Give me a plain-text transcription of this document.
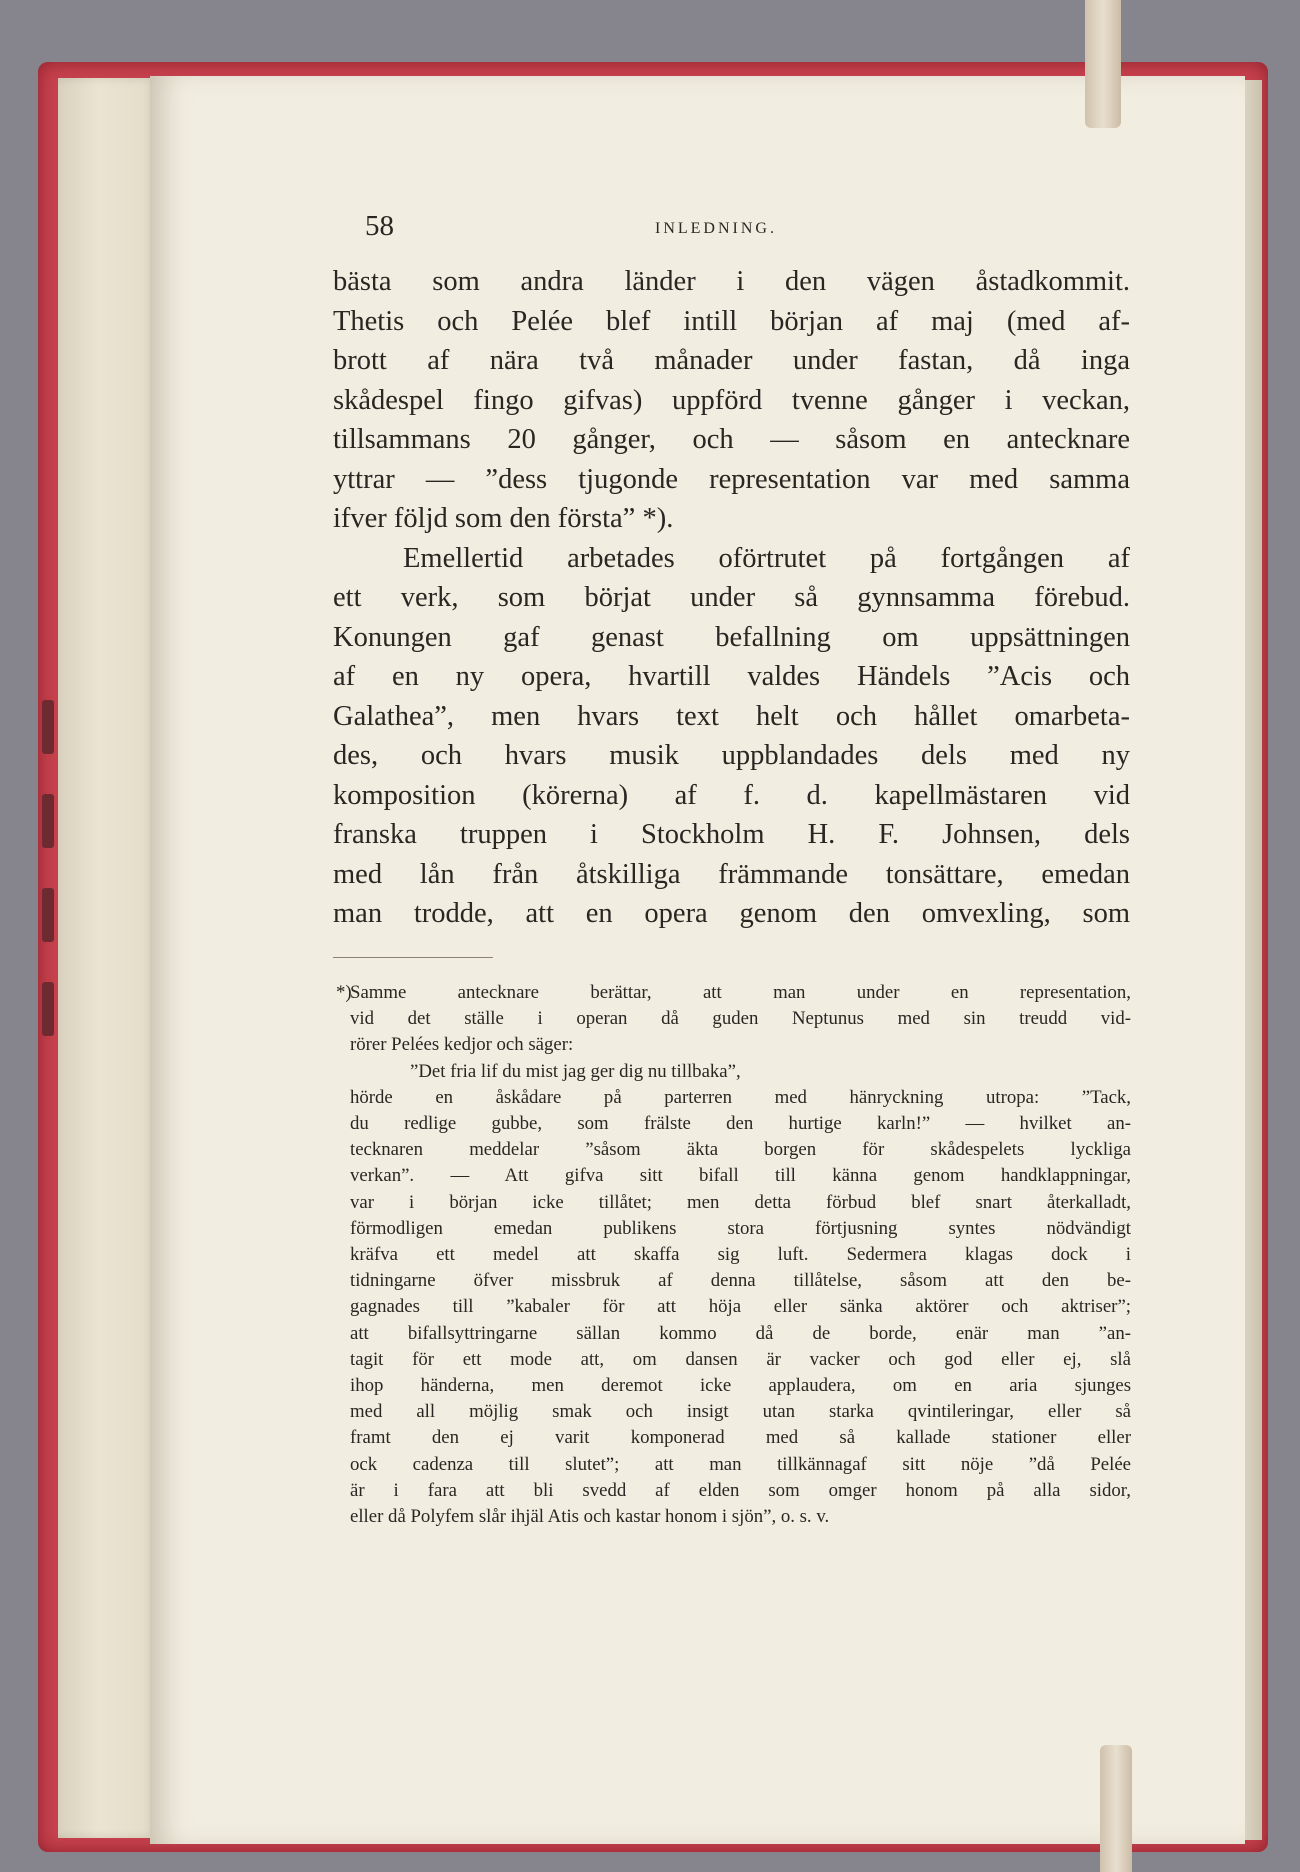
58	INLEDNING.
bästa som andra länder i den vägen åstadkommit.
Thetis och Pelée blef intill början af maj (med af-
brott af nära två månader under fastan, då inga
skådespel fingo gifvas) uppförd tvenne gånger i veckan,
tillsammans 20 gånger, och — såsom en antecknare
yttrar — ”dess tjugonde representation var med samma
ifver följd som den första” *).
Emellertid arbetades oförtrutet på fortgången af
ett verk, som börjat under så gynnsamma förebud.
Konungen gaf genast befallning om uppsättningen
af en ny opera, hvartill valdes Händels ”Acis och
Galathea”, men hvars text helt och hållet omarbeta-
des, och hvars musik uppblandades dels med ny
komposition (körerna) af f. d. kapellmästaren vid
franska truppen i Stockholm H. F. Johnsen, dels
med lån från åtskilliga främmande tonsättare, emedan
man trodde, att en opera genom den omvexling, som
*)
Samme antecknare berättar, att man under en representation,
vid det ställe i operan då guden Neptunus med sin treudd vid-
rörer Pelées kedjor och säger:
”Det fria lif du mist jag ger dig nu tillbaka”,
hörde en åskådare på parterren med hänryckning utropa: ”Tack,
du redlige gubbe, som frälste den hurtige karln!” — hvilket an-
tecknaren meddelar ”såsom äkta borgen för skådespelets lyckliga
verkan”. — Att gifva sitt bifall till känna genom handklappningar,
var i början icke tillåtet; men detta förbud blef snart återkalladt,
förmodligen emedan publikens stora förtjusning syntes nödvändigt
kräfva ett medel att skaffa sig luft. Sedermera klagas dock i
tidningarne öfver missbruk af denna tillåtelse, såsom att den be-
gagnades till ”kabaler för att höja eller sänka aktörer och aktriser”;
att bifallsyttringarne sällan kommo då de borde, enär man ”an-
tagit för ett mode att, om dansen är vacker och god eller ej, slå
ihop händerna, men deremot icke applaudera, om en aria sjunges
med all möjlig smak och insigt utan starka qvintileringar, eller så
framt den ej varit komponerad med så kallade stationer eller
ock cadenza till slutet”; att man tillkännagaf sitt nöje ”då Pelée
är i fara att bli svedd af elden som omger honom på alla sidor,
eller då Polyfem slår ihjäl Atis och kastar honom i sjön”, o. s. v.
